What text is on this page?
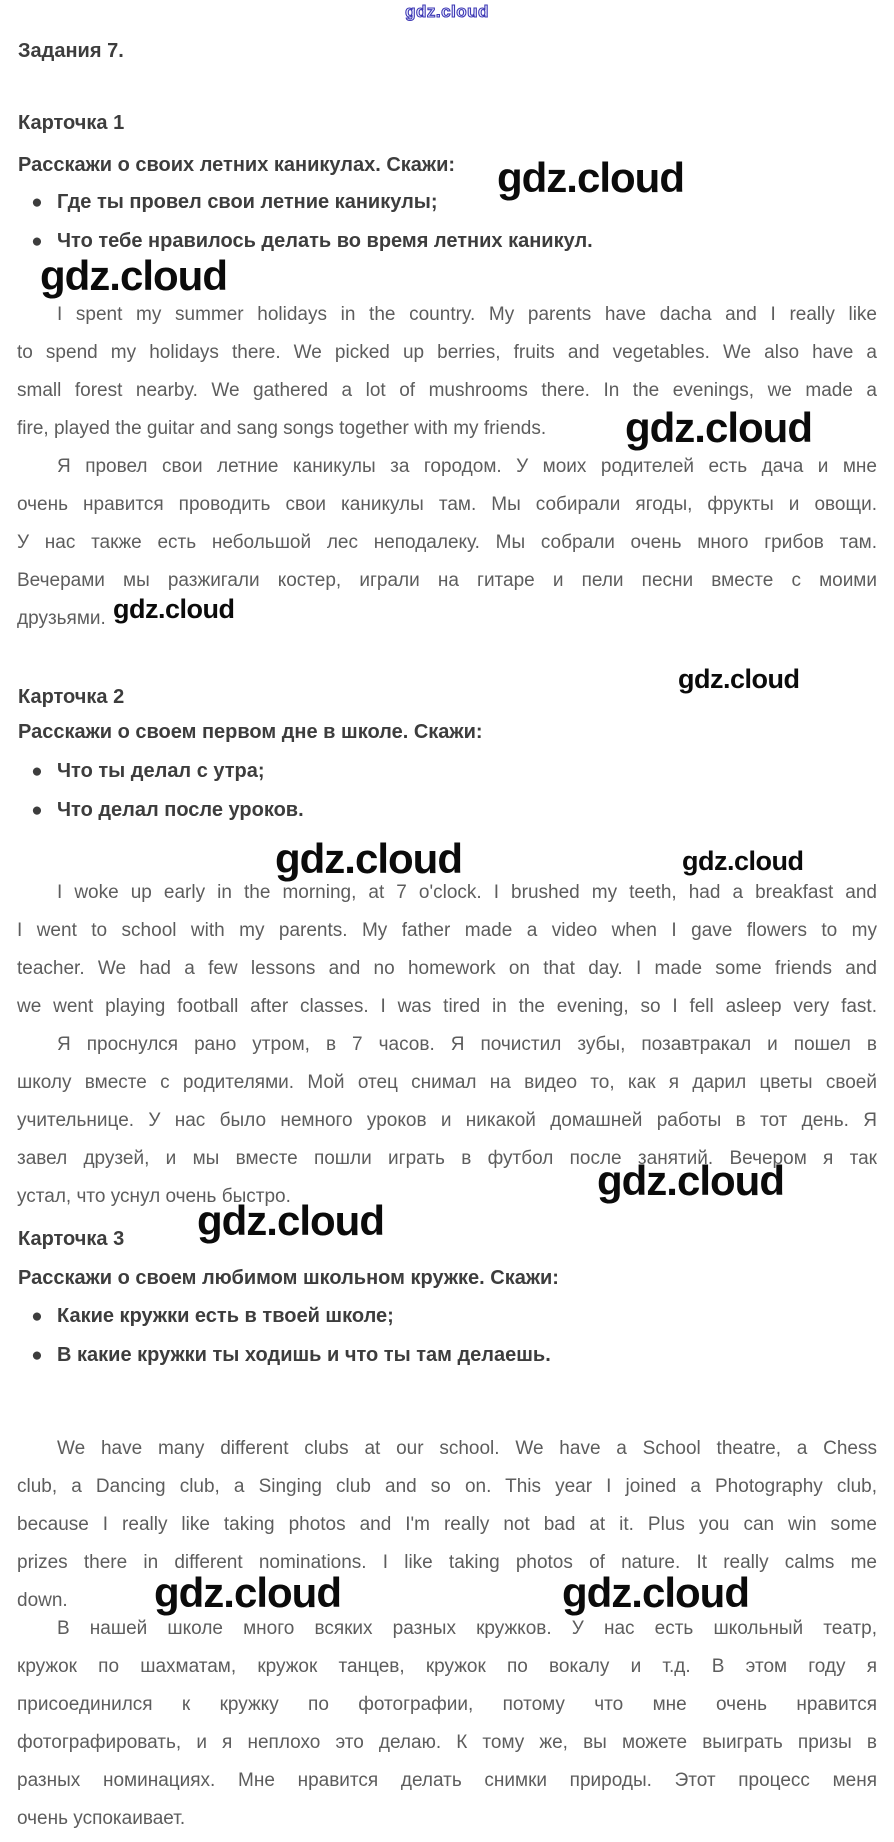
gdz.cloud
Задания 7.
Карточка 1
Расскажи о своих летних каникулах. Скажи:
● Где ты провел свои летние каникулы;
● Что тебе нравилось делать во время летних каникул.
I spent my summer holidays in the country. My parents have dacha and I really like
to spend my holidays there. We picked up berries, fruits and vegetables. We also have a
small forest nearby. We gathered a lot of mushrooms there. In the evenings, we made a
fire, played the guitar and sang songs together with my friends.
Я провел свои летние каникулы за городом. У моих родителей есть дача и мне
очень нравится проводить свои каникулы там. Мы собирали ягоды, фрукты и овощи.
У нас также есть небольшой лес неподалеку. Мы собрали очень много грибов там.
Вечерами мы разжигали костер, играли на гитаре и пели песни вместе с моими
друзьями.
Карточка 2
Расскажи о своем первом дне в школе. Скажи:
● Что ты делал с утра;
● Что делал после уроков.
I woke up early in the morning, at 7 o'clock. I brushed my teeth, had a breakfast and
I went to school with my parents. My father made a video when I gave flowers to my
teacher. We had a few lessons and no homework on that day. I made some friends and
we went playing football after classes. I was tired in the evening, so I fell asleep very fast.
Я проснулся рано утром, в 7 часов. Я почистил зубы, позавтракал и пошел в
школу вместе с родителями. Мой отец снимал на видео то, как я дарил цветы своей
учительнице. У нас было немного уроков и никакой домашней работы в тот день. Я
завел друзей, и мы вместе пошли играть в футбол после занятий. Вечером я так
устал, что уснул очень быстро.
Карточка 3
Расскажи о своем любимом школьном кружке. Скажи:
● Какие кружки есть в твоей школе;
● В какие кружки ты ходишь и что ты там делаешь.
We have many different clubs at our school. We have a School theatre, a Chess
club, a Dancing club, a Singing club and so on. This year I joined a Photography club,
because I really like taking photos and I'm really not bad at it. Plus you can win some
prizes there in different nominations. I like taking photos of nature. It really calms me
down.
В нашей школе много всяких разных кружков. У нас есть школьный театр,
кружок по шахматам, кружок танцев, кружок по вокалу и т.д. В этом году я
присоединился к кружку по фотографии, потому что мне очень нравится
фотографировать, и я неплохо это делаю. К тому же, вы можете выиграть призы в
разных номинациях. Мне нравится делать снимки природы. Этот процесс меня
очень успокаивает.
gdz.cloud
gdz.cloud
gdz.cloud
gdz.cloud
gdz.cloud
gdz.cloud	gdz.cloud
gdz.cloud
gdz.cloud
gdz.cloud	gdz.cloud
